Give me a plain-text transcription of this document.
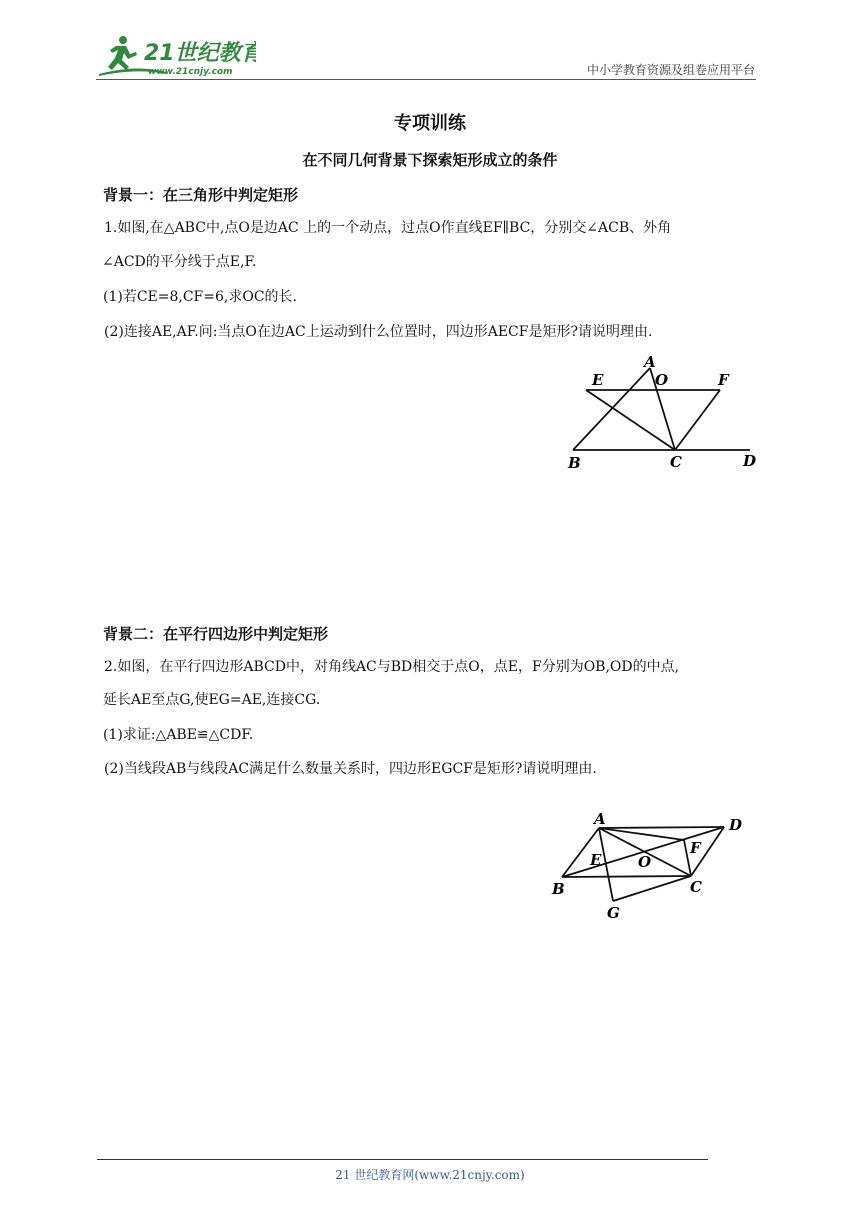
21世纪教育
www.21cnjy.com	中小学教育资源及组卷应用平台
专项训练
在不同几何背景下探索矩形成立的条件
背景一：在三角形中判定矩形
1.如图,在△ABC中,点O是边AC 上的一个动点，过点O作直线EF∥BC，分别交∠ACB、外角
∠ACD的平分线于点E,F.
(1)若CE=8,CF=6,求OC的长.
(2)连接AE,AF.问:当点O在边AC上运动到什么位置时，四边形AECF是矩形?请说明理由.
A
E	O	F
B	C	D
背景二：在平行四边形中判定矩形
2.如图，在平行四边形ABCD中，对角线AC与BD相交于点O，点E，F分别为OB,OD的中点,
延长AE至点G,使EG=AE,连接CG.
(1)求证:△ABE≌△CDF.
(2)当线段AB与线段AC满足什么数量关系时，四边形EGCF是矩形?请说明理由.
A	D
E O
F
B	C
G
21 世纪教育网(www.21cnjy.com)
